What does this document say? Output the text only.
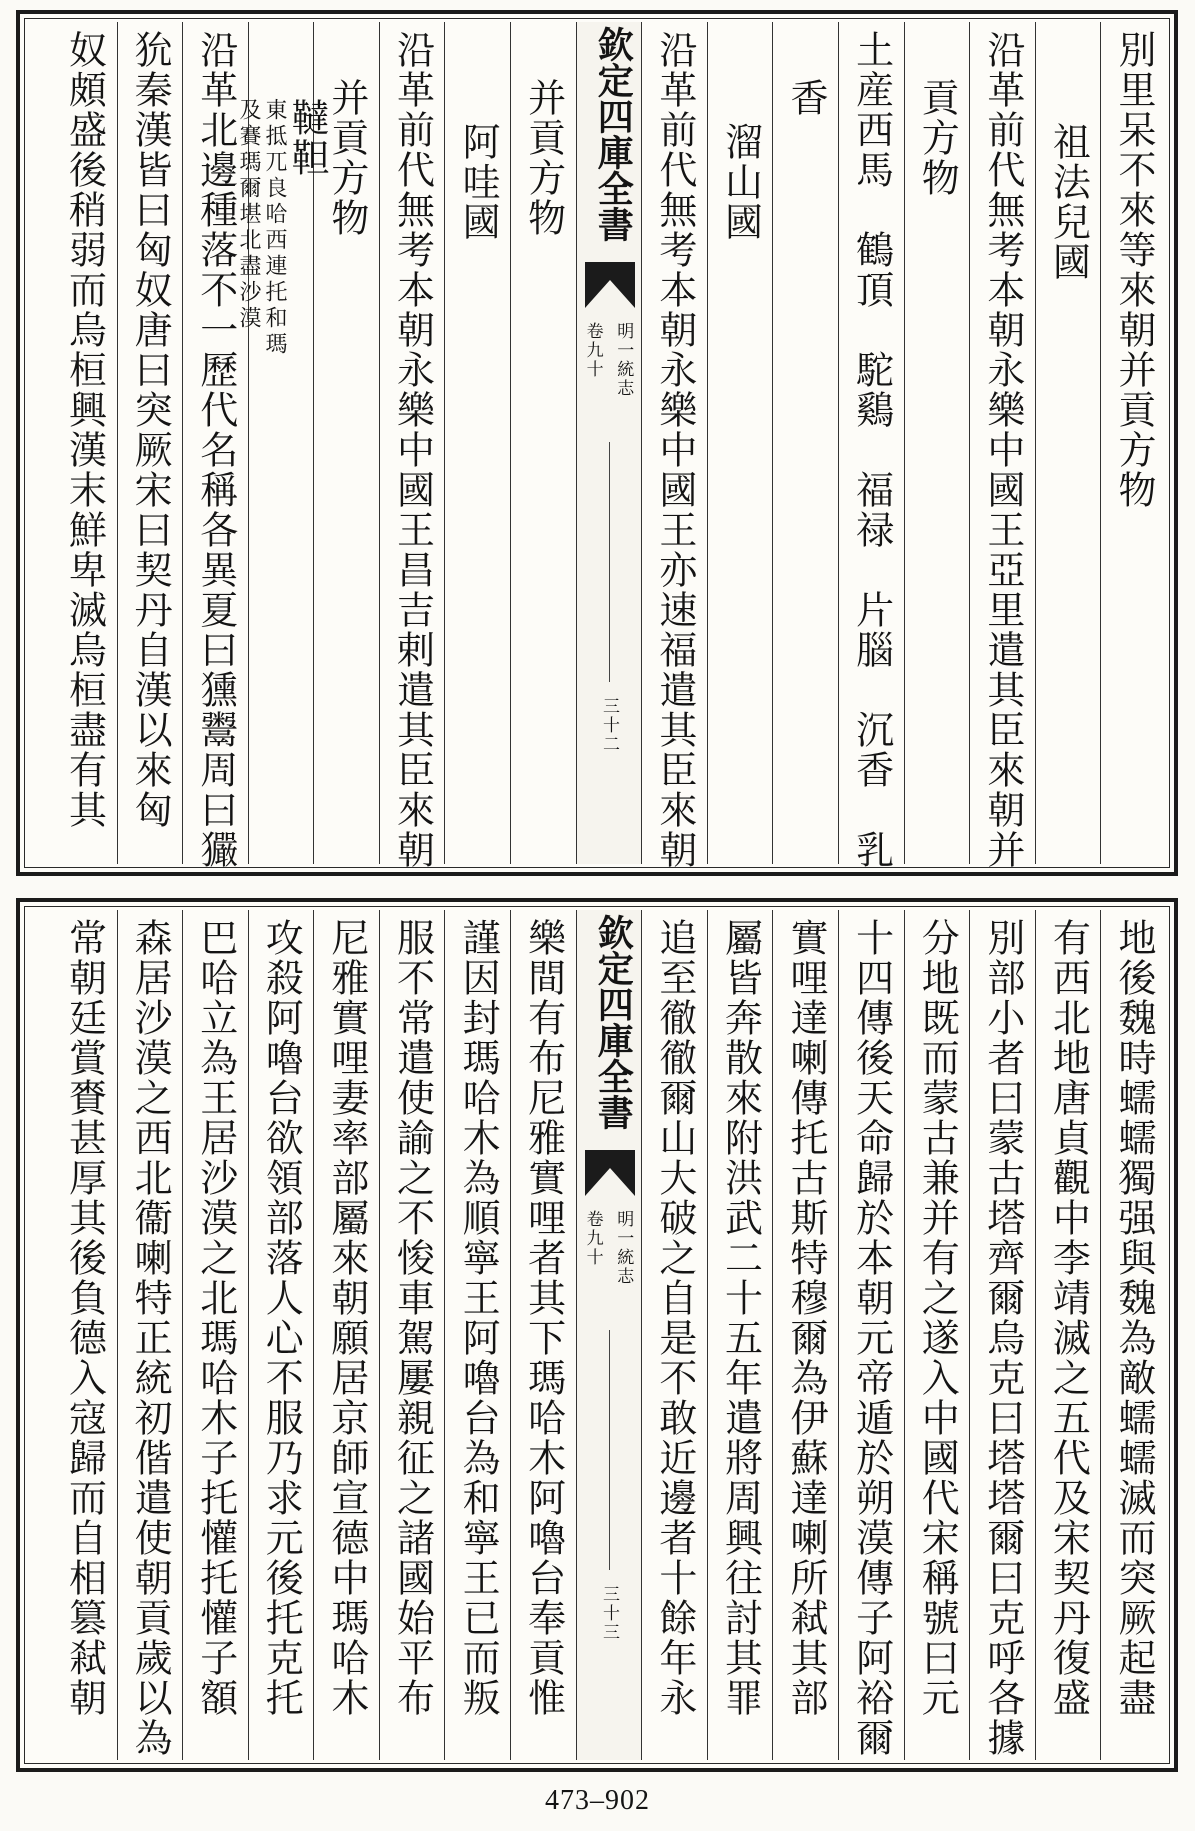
別里呆不來等來朝并貢方物
祖法兒國
沿革前代無考本朝永樂中國王亞里遣其臣來朝并
貢方物
土産西馬　鶴頂　駝鷄　福禄　片腦　沉香　乳
香
溜山國
沿革前代無考本朝永樂中國王亦速福遣其臣來朝
欽定四庫全書
明一統志
卷九十
三十二
并貢方物
阿哇國
沿革前代無考本朝永樂中國王昌吉剌遣其臣來朝
并貢方物
韃靼
東抵兀良哈西連托和瑪
及賽瑪爾堪北盡沙漠
沿革北邊種落不一歷代名稱各異夏曰獯鬻周曰玁
狁秦漢皆曰匈奴唐曰突厥宋曰契丹自漢以來匈
奴頗盛後稍弱而烏桓興漢末鮮卑滅烏桓盡有其
地後魏時蠕蠕獨强與魏為敵蠕蠕滅而突厥起盡
有西北地唐貞觀中李靖滅之五代及宋契丹復盛
別部小者曰蒙古塔齊爾烏克曰塔塔爾曰克呼各據
分地既而蒙古兼并有之遂入中國代宋稱號曰元
十四傳後天命歸於本朝元帝遁於朔漠傳子阿裕爾
實哩達喇傳托古斯特穆爾為伊蘇達喇所弒其部
屬皆奔散來附洪武二十五年遣將周興往討其罪
追至徹徹爾山大破之自是不敢近邊者十餘年永
欽定四庫全書
明一統志
卷九十
三十三
樂間有布尼雅實哩者其下瑪哈木阿嚕台奉貢惟
謹因封瑪哈木為順寧王阿嚕台為和寧王已而叛
服不常遣使諭之不悛車駕屢親征之諸國始平布
尼雅實哩妻率部屬來朝願居京師宣德中瑪哈木
攻殺阿嚕台欲領部落人心不服乃求元後托克托
巴哈立為王居沙漠之北瑪哈木子托懽托懽子額
森居沙漠之西北衞喇特正統初偕遣使朝貢歲以為
常朝廷賞賚甚厚其後負德入寇歸而自相篡弒朝
473–902
